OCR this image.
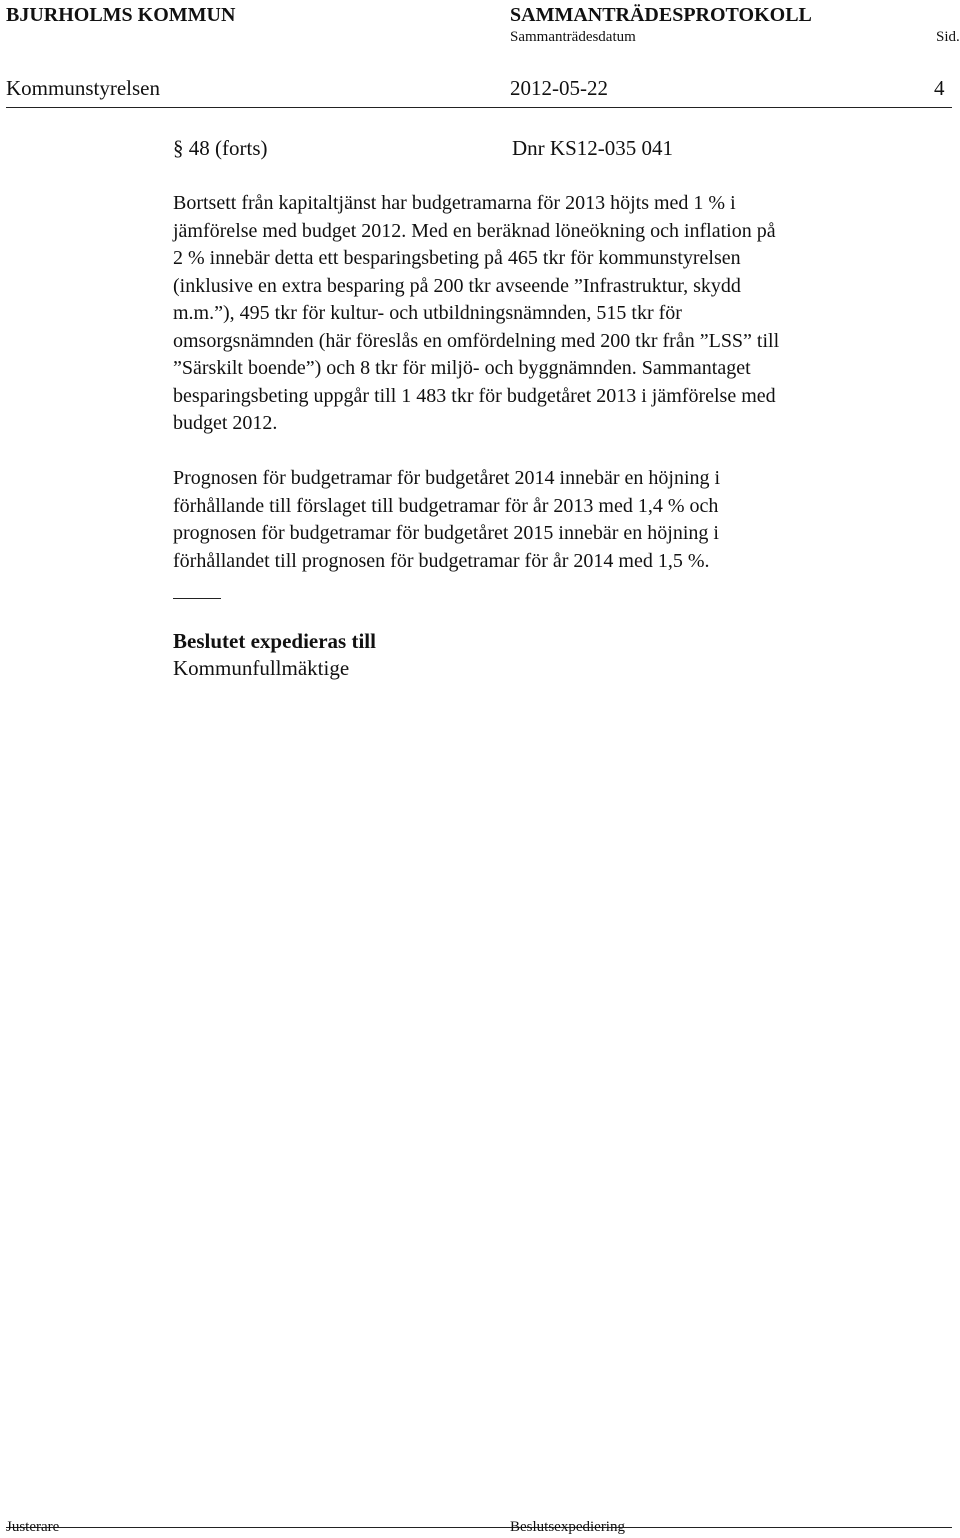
BJURHOLMS KOMMUN	SAMMANTRÄDESPROTOKOLL
Sammanträdesdatum	Sid.
Kommunstyrelsen	2012-05-22	4
§ 48 (forts)	Dnr KS12-035 041
Bortsett från kapitaltjänst har budgetramarna för 2013 höjts med 1 % i
jämförelse med budget 2012. Med en beräknad löneökning och inflation på
2 % innebär detta ett besparingsbeting på 465 tkr för kommunstyrelsen
(inklusive en extra besparing på 200 tkr avseende ”Infrastruktur, skydd
m.m.”), 495 tkr för kultur- och utbildningsnämnden, 515 tkr för
omsorgsnämnden (här föreslås en omfördelning med 200 tkr från ”LSS” till
”Särskilt boende”) och 8 tkr för miljö- och byggnämnden. Sammantaget
besparingsbeting uppgår till 1 483 tkr för budgetåret 2013 i jämförelse med
budget 2012.
Prognosen för budgetramar för budgetåret 2014 innebär en höjning i
förhållande till förslaget till budgetramar för år 2013 med 1,4 % och
prognosen för budgetramar för budgetåret 2015 innebär en höjning i
förhållandet till prognosen för budgetramar för år 2014 med 1,5 %.
Beslutet expedieras till
Kommunfullmäktige
Justerare	Beslutsexpediering
